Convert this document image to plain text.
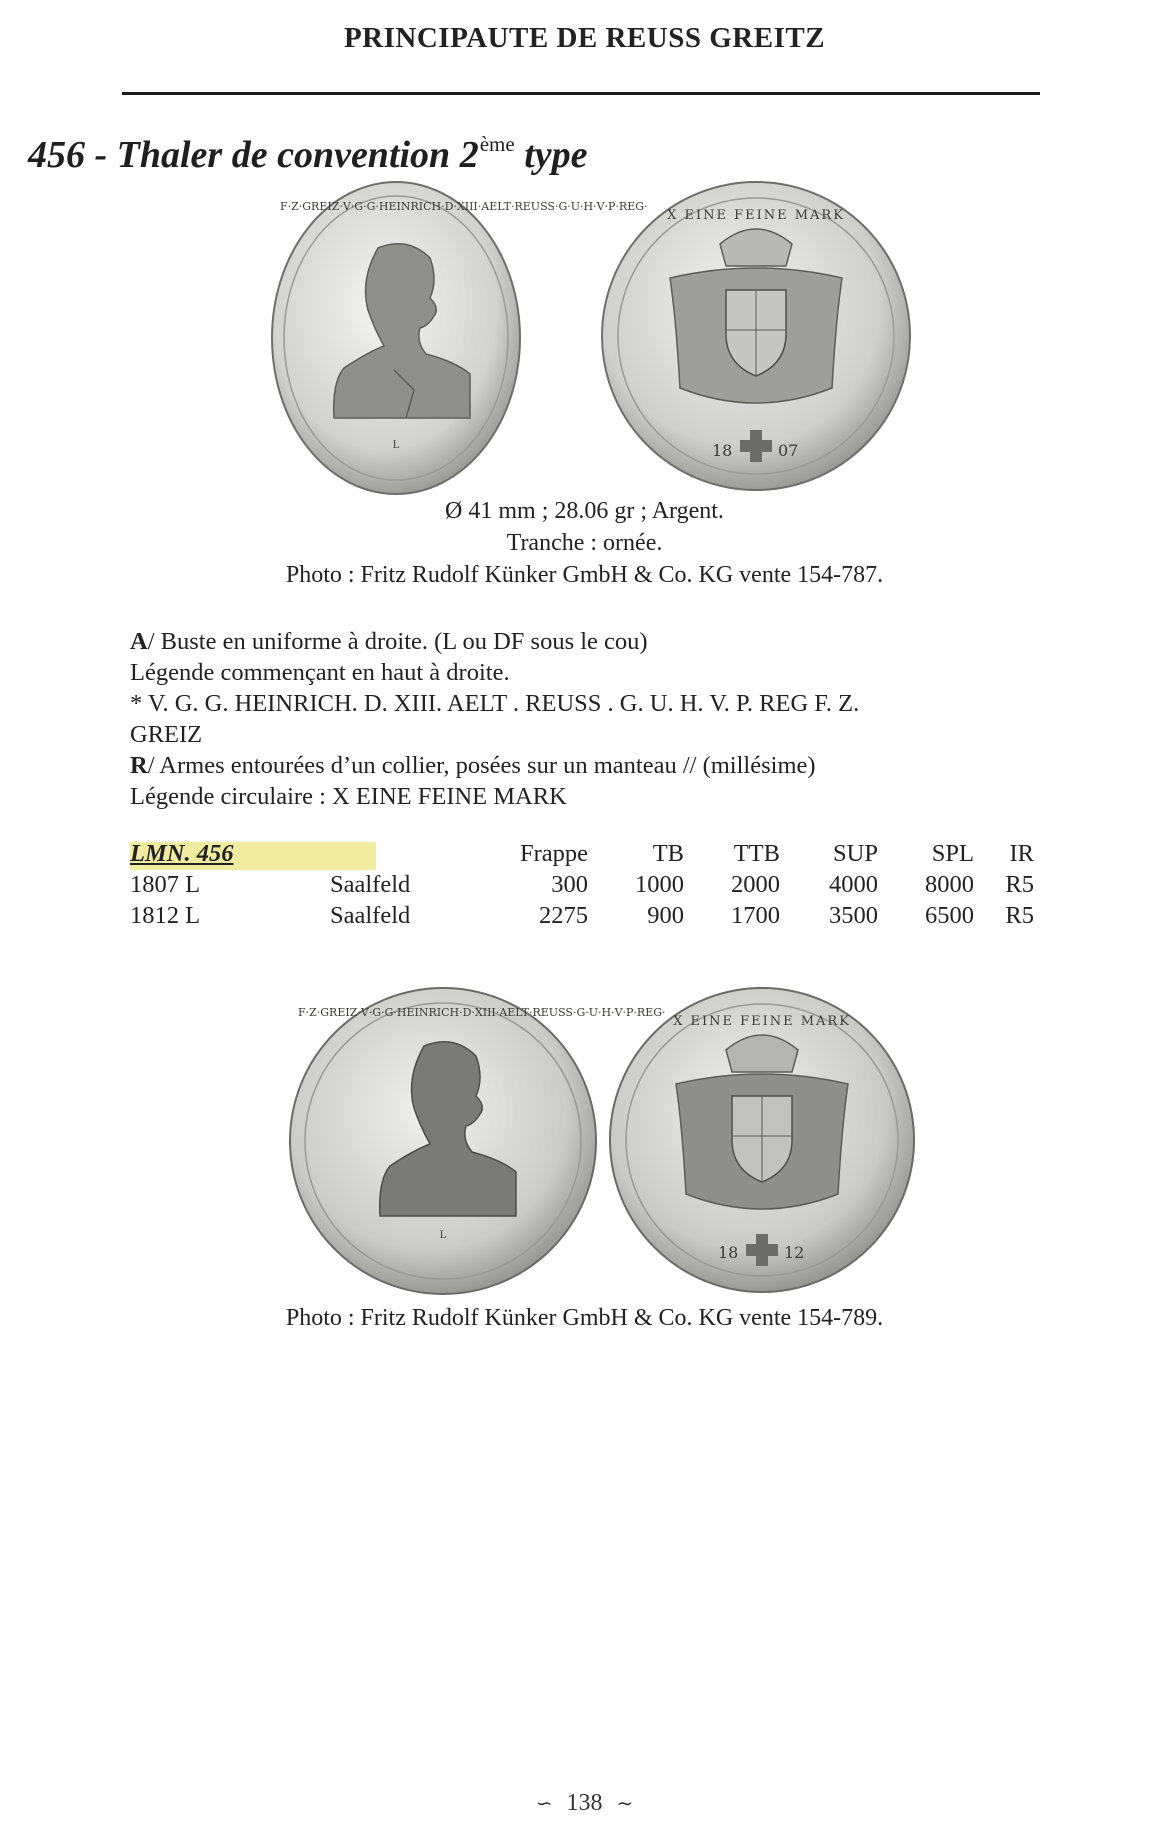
PRINCIPAUTE DE REUSS GREITZ
456 - Thaler de convention 2ème type
L
F·Z·GREIZ·V·G·G·HEINRICH·D·XIII·AELT·REUSS·G·U·H·V·P·REG·
18	07
X EINE FEINE MARK
Ø 41 mm ; 28.06 gr ; Argent.
Tranche : ornée.
Photo : Fritz Rudolf Künker GmbH & Co. KG vente 154-787.
A/ Buste en uniforme à droite. (L ou DF sous le cou)
Légende commençant en haut à droite.
* V. G. G. HEINRICH. D. XIII. AELT . REUSS . G. U. H. V. P. REG F. Z.
GREIZ
R/ Armes entourées d’un collier, posées sur un manteau // (millésime)
Légende circulaire : X EINE FEINE MARK
LMN. 456		Frappe	TB	TTB	SUP	SPL	IR
1807 L	Saalfeld	300	1000	2000	4000	8000	R5
1812 L	Saalfeld	2275	900	1700	3500	6500	R5
L
F·Z·GREIZ·V·G·G·HEINRICH·D·XIII·AELT·REUSS·G·U·H·V·P·REG·
18	12
X EINE FEINE MARK
Photo : Fritz Rudolf Künker GmbH & Co. KG vente 154-789.
∽ 138 ∼
